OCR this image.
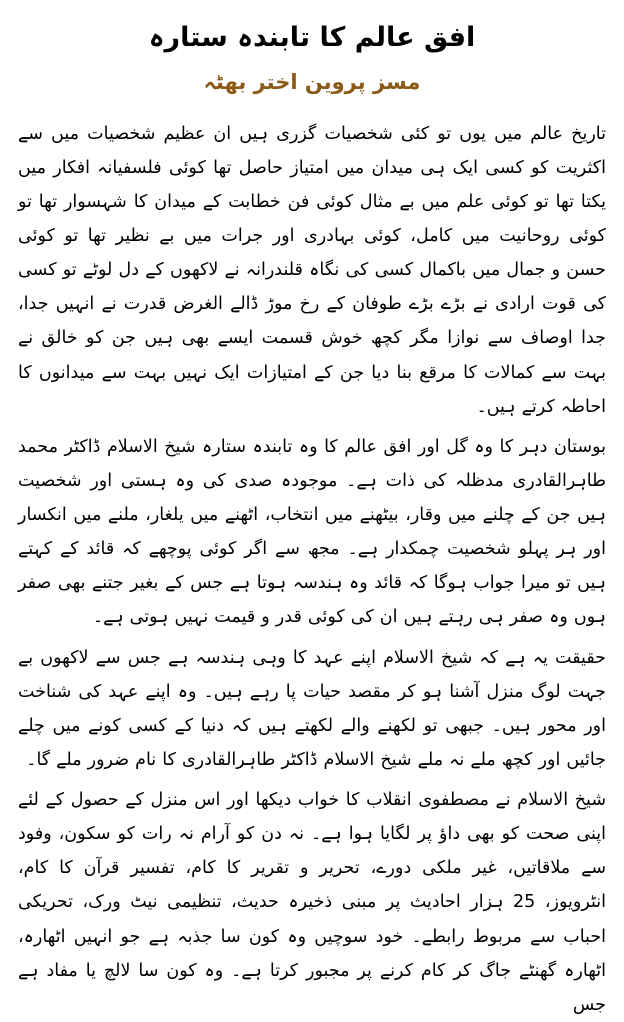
افق عالم کا تابندہ ستارہ
مسز پروین اختر بھٹہ

تاریخ عالم میں یوں تو کئی شخصیات گزری ہیں ان عظیم شخصیات میں سے اکثریت کو کسی ایک ہی میدان میں امتیاز حاصل تھا کوئی فلسفیانہ افکار میں یکتا تھا تو کوئی علم میں بے مثال کوئی فن خطابت کے میدان کا شہسوار تھا تو کوئی روحانیت میں کامل، کوئی بہادری اور جرات میں بے نظیر تھا تو کوئی حسن و جمال میں باکمال کسی کی نگاہ قلندرانہ نے لاکھوں کے دل لوٹے تو کسی کی قوت ارادی نے بڑے بڑے طوفان کے رخ موڑ ڈالے الغرض قدرت نے انہیں جدا، جدا اوصاف سے نوازا مگر کچھ خوش قسمت ایسے بھی ہیں جن کو خالق نے بہت سے کمالات کا مرقع بنا دیا جن کے امتیازات ایک نہیں بہت سے میدانوں کا احاطہ کرتے ہیں۔

بوستان دہر کا وہ گل اور افق عالم کا وہ تابندہ ستارہ شیخ الاسلام ڈاکٹر محمد طاہرالقادری مدظلہ کی ذات ہے۔ موجودہ صدی کی وہ ہستی اور شخصیت ہیں جن کے چلنے میں وقار، بیٹھنے میں انتخاب، اٹھنے میں یلغار، ملنے میں انکسار اور ہر پہلو شخصیت چمکدار ہے۔ مجھ سے اگر کوئی پوچھے کہ قائد کے کہتے ہیں تو میرا جواب ہوگا کہ قائد وہ ہندسہ ہوتا ہے جس کے بغیر جتنے بھی صفر ہوں وہ صفر ہی رہتے ہیں ان کی کوئی قدر و قیمت نہیں ہوتی ہے۔

حقیقت یہ ہے کہ شیخ الاسلام اپنے عہد کا وہی ہندسہ ہے جس سے لاکھوں بے جہت لوگ منزل آشنا ہو کر مقصد حیات پا رہے ہیں۔ وہ اپنے عہد کی شناخت اور محور ہیں۔ جبھی تو لکھنے والے لکھتے ہیں کہ دنیا کے کسی کونے میں چلے جائیں اور کچھ ملے نہ ملے شیخ الاسلام ڈاکٹر طاہرالقادری کا نام ضرور ملے گا۔

شیخ الاسلام نے مصطفوی انقلاب کا خواب دیکھا اور اس منزل کے حصول کے لئے اپنی صحت کو بھی داؤ پر لگایا ہوا ہے۔ نہ دن کو آرام نہ رات کو سکون، وفود سے ملاقاتیں، غیر ملکی دورے، تحریر و تقریر کا کام، تفسیر قرآن کا کام، انٹرویوز، 25 ہزار احادیث پر مبنی ذخیرہ حدیث، تنظیمی نیٹ ورک، تحریکی احباب سے مربوط رابطے۔ خود سوچیں وہ کون سا جذبہ ہے جو انہیں اٹھارہ، اٹھارہ گھنٹے جاگ کر کام کرنے پر مجبور کرتا ہے۔ وہ کون سا لالچ یا مفاد ہے جس
